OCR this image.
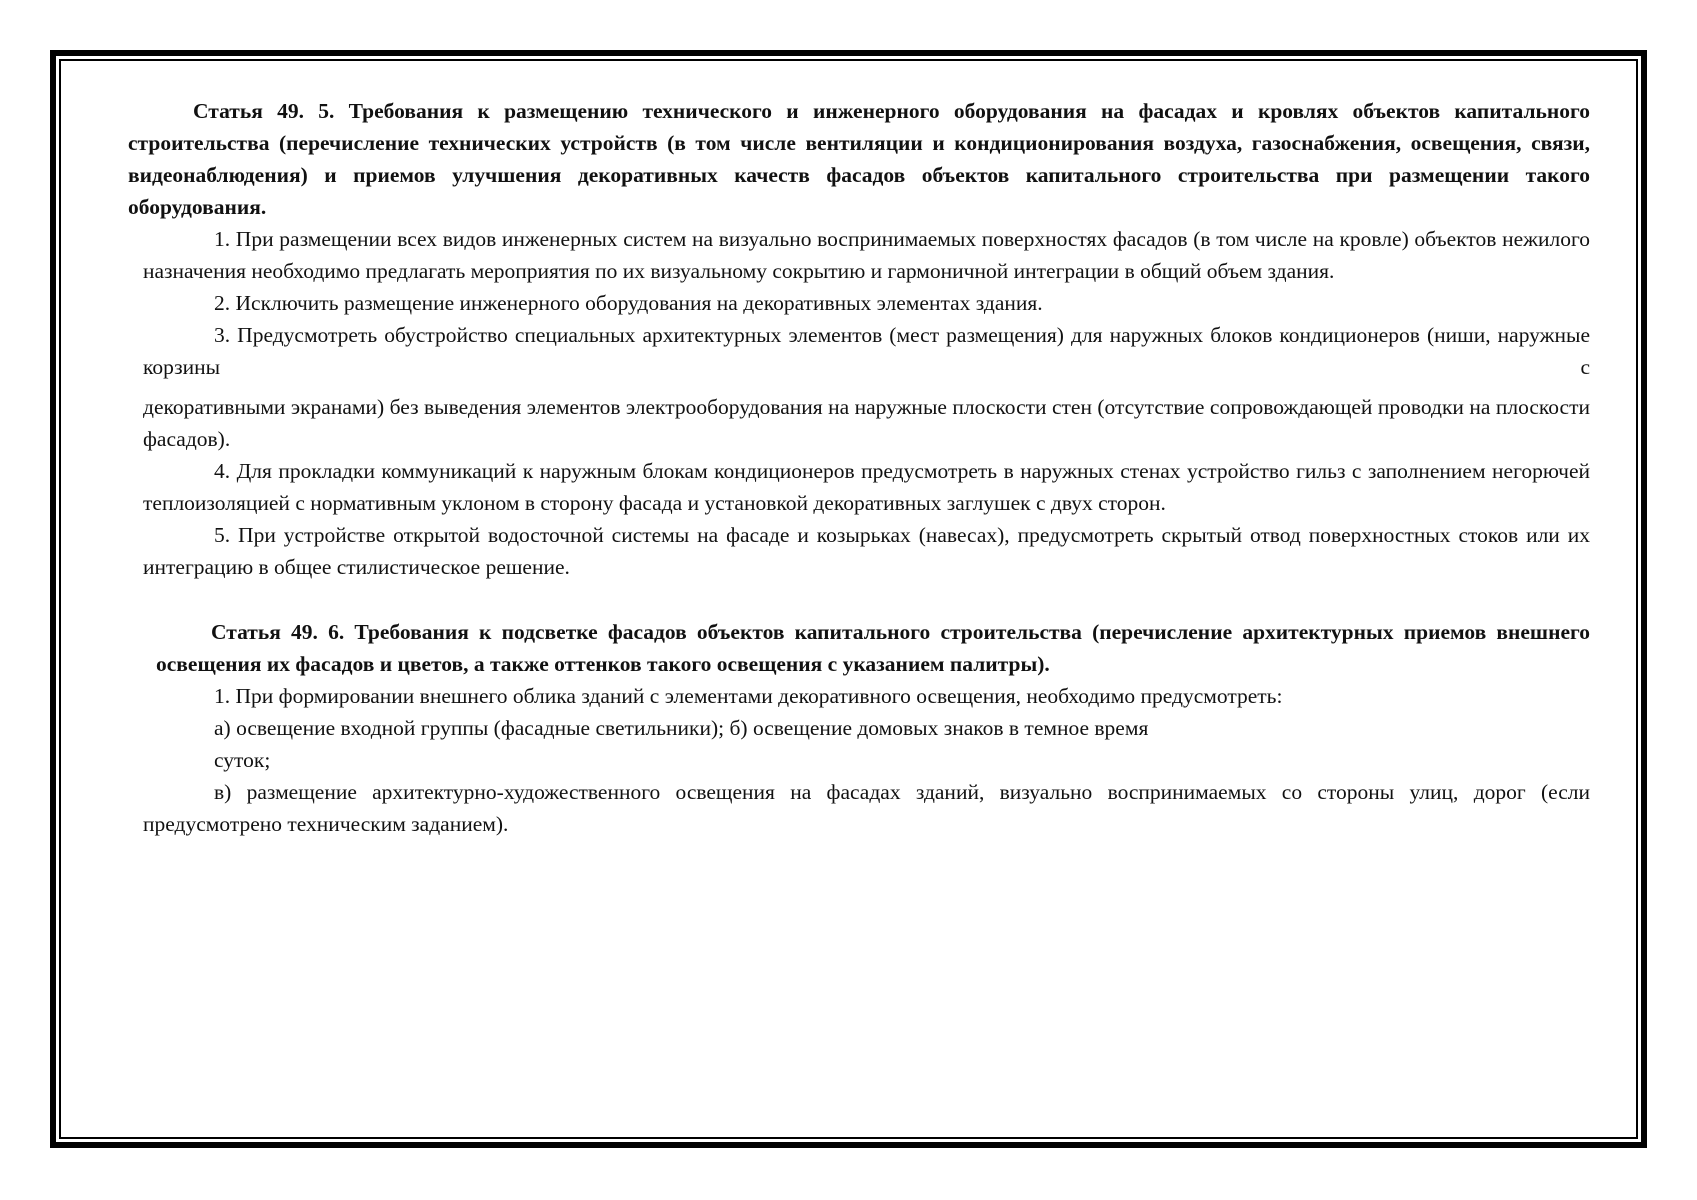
Статья 49. 5. Требования к размещению технического и инженерного оборудования на фасадах и кровлях объектов капитального строительства (перечисление технических устройств (в том числе вентиляции и кондиционирования воздуха, газоснабжения, освещения, связи, видеонаблюдения) и приемов улучшения декоративных качеств фасадов объектов капитального строительства при размещении такого оборудования.

1. При размещении всех видов инженерных систем на визуально воспринимаемых поверхностях фасадов (в том числе на кровле) объектов нежилого назначения необходимо предлагать мероприятия по их визуальному сокрытию и гармоничной интеграции в общий объем здания.

2. Исключить размещение инженерного оборудования на декоративных элементах здания.

3. Предусмотреть обустройство специальных архитектурных элементов (мест размещения) для наружных блоков кондиционеров (ниши, наружные корзины с

декоративными экранами) без выведения элементов электрооборудования на наружные плоскости стен (отсутствие сопровождающей проводки на плоскости фасадов).

4. Для прокладки коммуникаций к наружным блокам кондиционеров предусмотреть в наружных стенах устройство гильз с заполнением негорючей теплоизоляцией с нормативным уклоном в сторону фасада и установкой декоративных заглушек с двух сторон.

5. При устройстве открытой водосточной системы на фасаде и козырьках (навесах), предусмотреть скрытый отвод поверхностных стоков или их интеграцию в общее стилистическое решение.

Статья 49. 6. Требования к подсветке фасадов объектов капитального строительства (перечисление архитектурных приемов внешнего освещения их фасадов и цветов, а также оттенков такого освещения с указанием палитры).

1. При формировании внешнего облика зданий с элементами декоративного освещения, необходимо предусмотреть:

а) освещение входной группы (фасадные светильники); б) освещение домовых знаков в темное время

суток;

в) размещение архитектурно-художественного освещения на фасадах зданий, визуально воспринимаемых со стороны улиц, дорог (если предусмотрено техническим заданием).
